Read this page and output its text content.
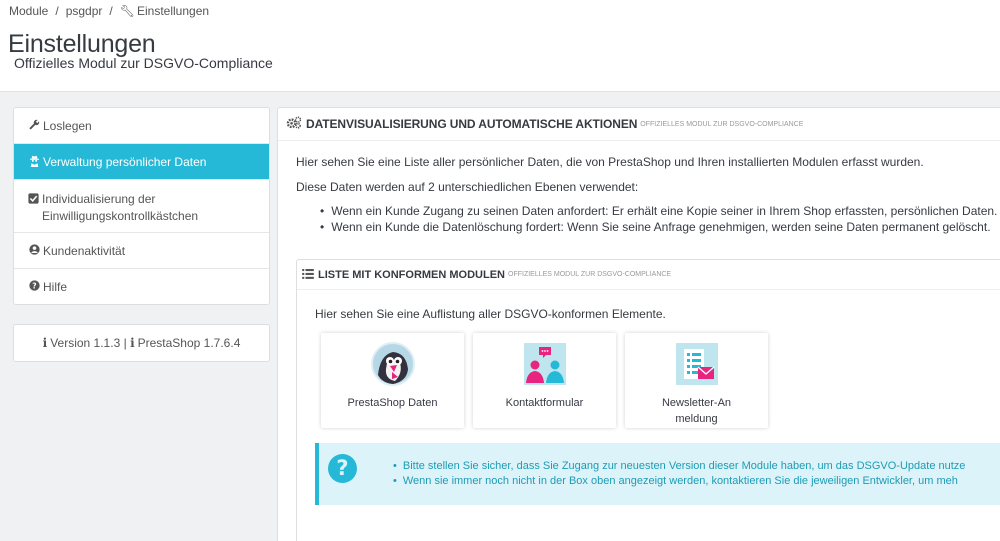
Module / psgdpr / 🔧︎ Einstellungen
Einstellungen
Offizielles Modul zur DSGVO-Compliance
Loslegen
Verwaltung persönlicher Daten
Individualisierung der Einwilligungskontrollkästchen
Kundenaktivität
? Hilfe
i Version 1.1.3
|
i PrestaShop 1.7.6.4
DATENVISUALISIERUNG UND AUTOMATISCHE AKTIONEN OFFIZIELLES MODUL ZUR DSGVO-COMPLIANCE
Hier sehen Sie eine Liste aller persönlicher Daten, die von PrestaShop und Ihren installierten Modulen erfasst wurden.
Diese Daten werden auf 2 unterschiedlichen Ebenen verwendet:
• Wenn ein Kunde Zugang zu seinen Daten anfordert: Er erhält eine Kopie seiner in Ihrem Shop erfassten, persönlichen Daten.
• Wenn ein Kunde die Datenlöschung fordert: Wenn Sie seine Anfrage genehmigen, werden seine Daten permanent gelöscht.
LISTE MIT KONFORMEN MODULEN OFFIZIELLES MODUL ZUR DSGVO-COMPLIANCE
Hier sehen Sie eine Auflistung aller DSGVO-konformen Elemente.
PrestaShop Daten	Kontaktformular	Newsletter-Anmeldung
?
•	Bitte stellen Sie sicher, dass Sie Zugang zur neuesten Version dieser Module haben, um das DSGVO-Update nutze
• Wenn sie immer noch nicht in der Box oben angezeigt werden, kontaktieren Sie die jeweiligen Entwickler, um meh
